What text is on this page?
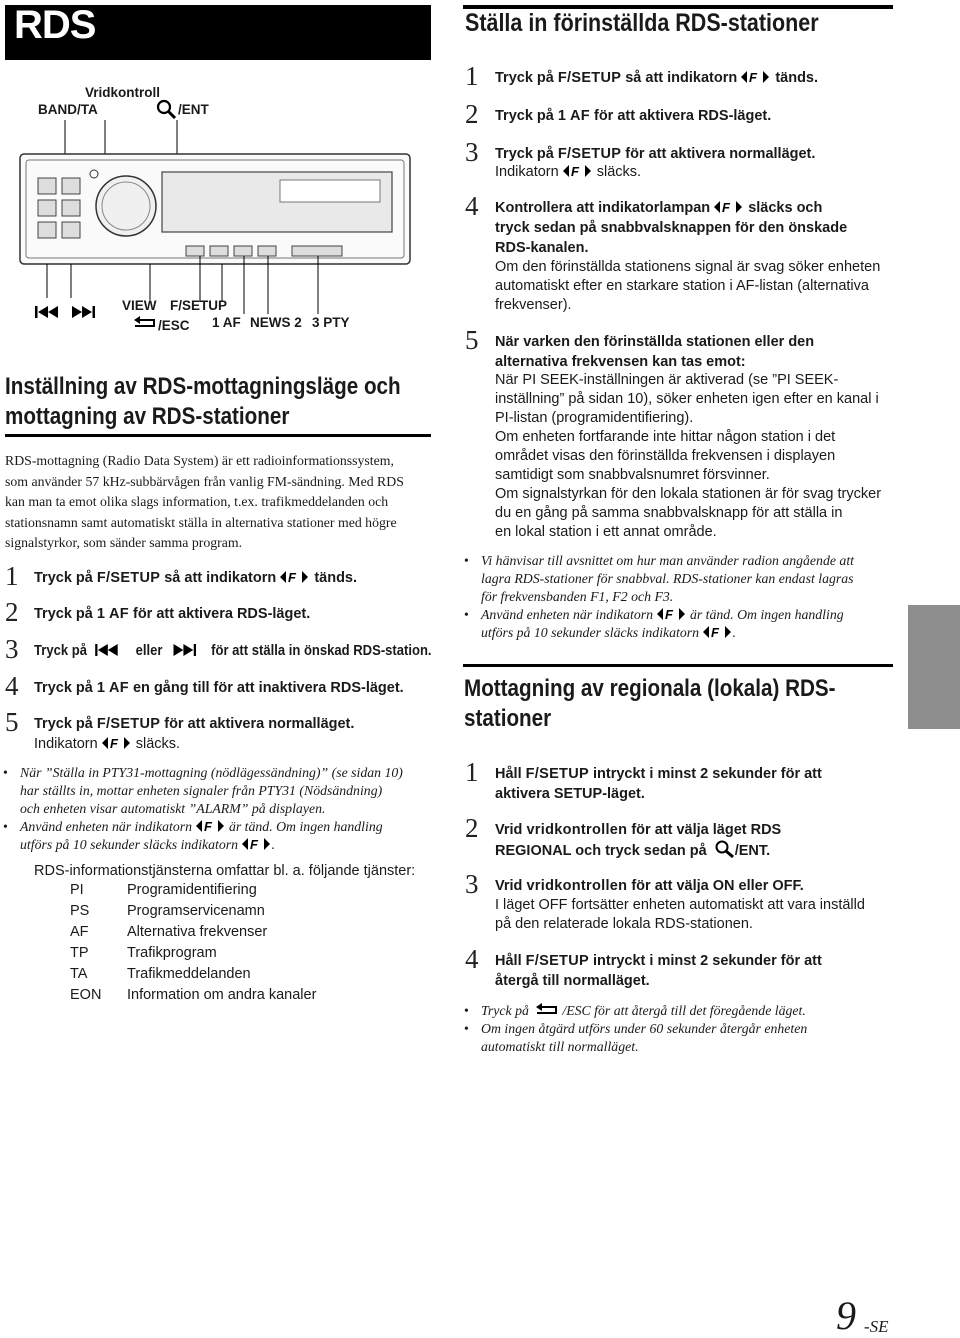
RDS	Ställa in förinställda RDS-stationer
Vridkontroll
BAND/TA	/ENT
VIEW F/SETUP
/ESC 1 AF NEWS 2 3 PTY
Inställning av RDS-mottagningsläge och
mottagning av RDS-stationer
RDS-mottagning (Radio Data System) är ett radioinformationssystem,
som använder 57 kHz-subbärvågen från vanlig FM-sändning. Med RDS
kan man ta emot olika slags information, t.ex. trafikmeddelanden och
stationsnamn samt automatiskt ställa in alternativa stationer med högre
signalstyrkor, som sänder samma program.
1 Tryck på F/SETUP så att indikatorn F tänds.
2 Tryck på 1 AF för att aktivera RDS-läget.
3 Tryck på	eller	för att ställa in önskad RDS-station.
4 Tryck på 1 AF en gång till för att inaktivera RDS-läget.
5 Tryck på F/SETUP för att aktivera normalläget.
Indikatorn F släcks.
• När ”Ställa in PTY31-mottagning (nödlägessändning)” (se sidan 10)
har ställts in, mottar enheten signaler från PTY31 (Nödsändning)
och enheten visar automatiskt ”ALARM” på displayen.
• Använd enheten när indikatorn F är tänd. Om ingen handling
utförs på 10 sekunder släcks indikatorn F .
RDS-informationstjänsterna omfattar bl. a. följande tjänster:
PI	Programidentifiering
PS	Programservicenamn
AF	Alternativa frekvenser
TP	Trafikprogram
TA	Trafikmeddelanden
EON	Information om andra kanaler
1 Tryck på F/SETUP så att indikatorn F tänds.
2 Tryck på 1 AF för att aktivera RDS-läget.
3 Tryck på F/SETUP för att aktivera normalläget.
Indikatorn F släcks.
4 Kontrollera att indikatorlampan F släcks och
tryck sedan på snabbvalsknappen för den önskade
RDS-kanalen.
Om den förinställda stationens signal är svag söker enheten
automatiskt efter en starkare station i AF-listan (alternativa
frekvenser).
5 När varken den förinställda stationen eller den
alternativa frekvensen kan tas emot:
När PI SEEK-inställningen är aktiverad (se ”PI SEEK-
inställning” på sidan 10), söker enheten igen efter en kanal i
PI-listan (programidentifiering).
Om enheten fortfarande inte hittar någon station i det
området visas den förinställda frekvensen i displayen
samtidigt som snabbvalsnumret försvinner.
Om signalstyrkan för den lokala stationen är för svag trycker
du en gång på samma snabbvalsknapp för att ställa in
en lokal station i ett annat område.
• Vi hänvisar till avsnittet om hur man använder radion angående att
lagra RDS-stationer för snabbval. RDS-stationer kan endast lagras
för frekvensbanden F1, F2 och F3.
• Använd enheten när indikatorn F är tänd. Om ingen handling
utförs på 10 sekunder släcks indikatorn F .
Mottagning av regionala (lokala) RDS-
stationer
1 Håll F/SETUP intryckt i minst 2 sekunder för att
aktivera SETUP-läget.
2 Vrid vridkontrollen för att välja läget RDS
REGIONAL och tryck sedan på /ENT.
3 Vrid vridkontrollen för att välja ON eller OFF.
I läget OFF fortsätter enheten automatiskt att vara inställd
på den relaterade lokala RDS-stationen.
4 Håll F/SETUP intryckt i minst 2 sekunder för att
återgå till normalläget.
• Tryck på /ESC för att återgå till det föregående läget.
• Om ingen åtgärd utförs under 60 sekunder återgår enheten
automatiskt till normalläget.
9 -SE
